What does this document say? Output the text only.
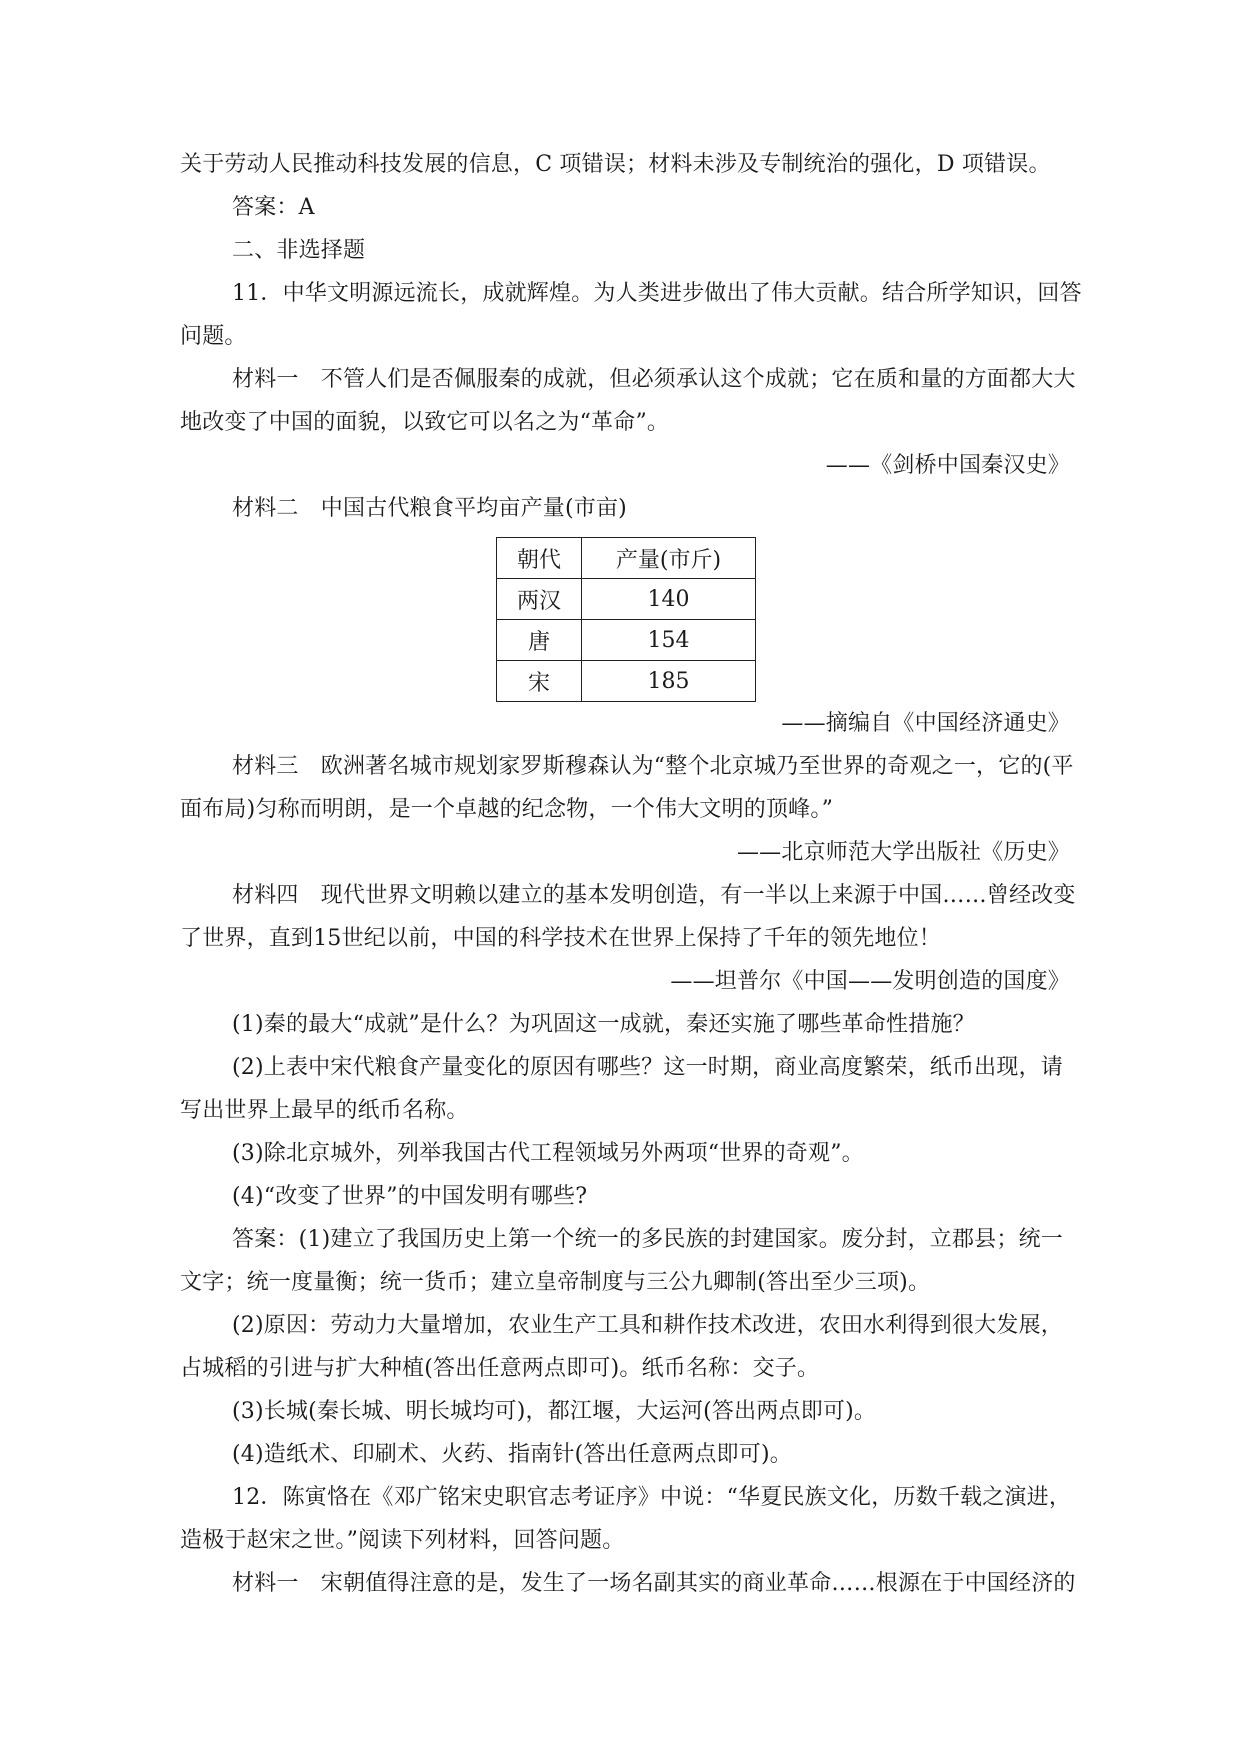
关于劳动人民推动科技发展的信息，C 项错误；材料未涉及专制统治的强化，D 项错误。
答案：A
二、非选择题
11．中华文明源远流长，成就辉煌。为人类进步做出了伟大贡献。结合所学知识，回答
问题。
材料一　不管人们是否佩服秦的成就，但必须承认这个成就；它在质和量的方面都大大
地改变了中国的面貌，以致它可以名之为“革命”。
——《剑桥中国秦汉史》
材料二　中国古代粮食平均亩产量(市亩)
朝代	产量(市斤)
两汉	140
唐	154
宋	185
——摘编自《中国经济通史》
材料三　欧洲著名城市规划家罗斯穆森认为“整个北京城乃至世界的奇观之一，它的(平
面布局)匀称而明朗，是一个卓越的纪念物，一个伟大文明的顶峰。”
——北京师范大学出版社《历史》
材料四　现代世界文明赖以建立的基本发明创造，有一半以上来源于中国……曾经改变
了世界，直到15世纪以前，中国的科学技术在世界上保持了千年的领先地位！
——坦普尔《中国——发明创造的国度》
(1)秦的最大“成就”是什么？为巩固这一成就，秦还实施了哪些革命性措施？
(2)上表中宋代粮食产量变化的原因有哪些？这一时期，商业高度繁荣，纸币出现，请
写出世界上最早的纸币名称。
(3)除北京城外，列举我国古代工程领域另外两项“世界的奇观”。
(4)“改变了世界”的中国发明有哪些?
答案：(1)建立了我国历史上第一个统一的多民族的封建国家。废分封，立郡县；统一
文字；统一度量衡；统一货币；建立皇帝制度与三公九卿制(答出至少三项)。
(2)原因：劳动力大量增加，农业生产工具和耕作技术改进，农田水利得到很大发展，
占城稻的引进与扩大种植(答出任意两点即可)。纸币名称：交子。
(3)长城(秦长城、明长城均可)，都江堰，大运河(答出两点即可)。
(4)造纸术、印刷术、火药、指南针(答出任意两点即可)。
12．陈寅恪在《邓广铭宋史职官志考证序》中说：“华夏民族文化，历数千载之演进，
造极于赵宋之世。”阅读下列材料，回答问题。
材料一　宋朝值得注意的是，发生了一场名副其实的商业革命……根源在于中国经济的
